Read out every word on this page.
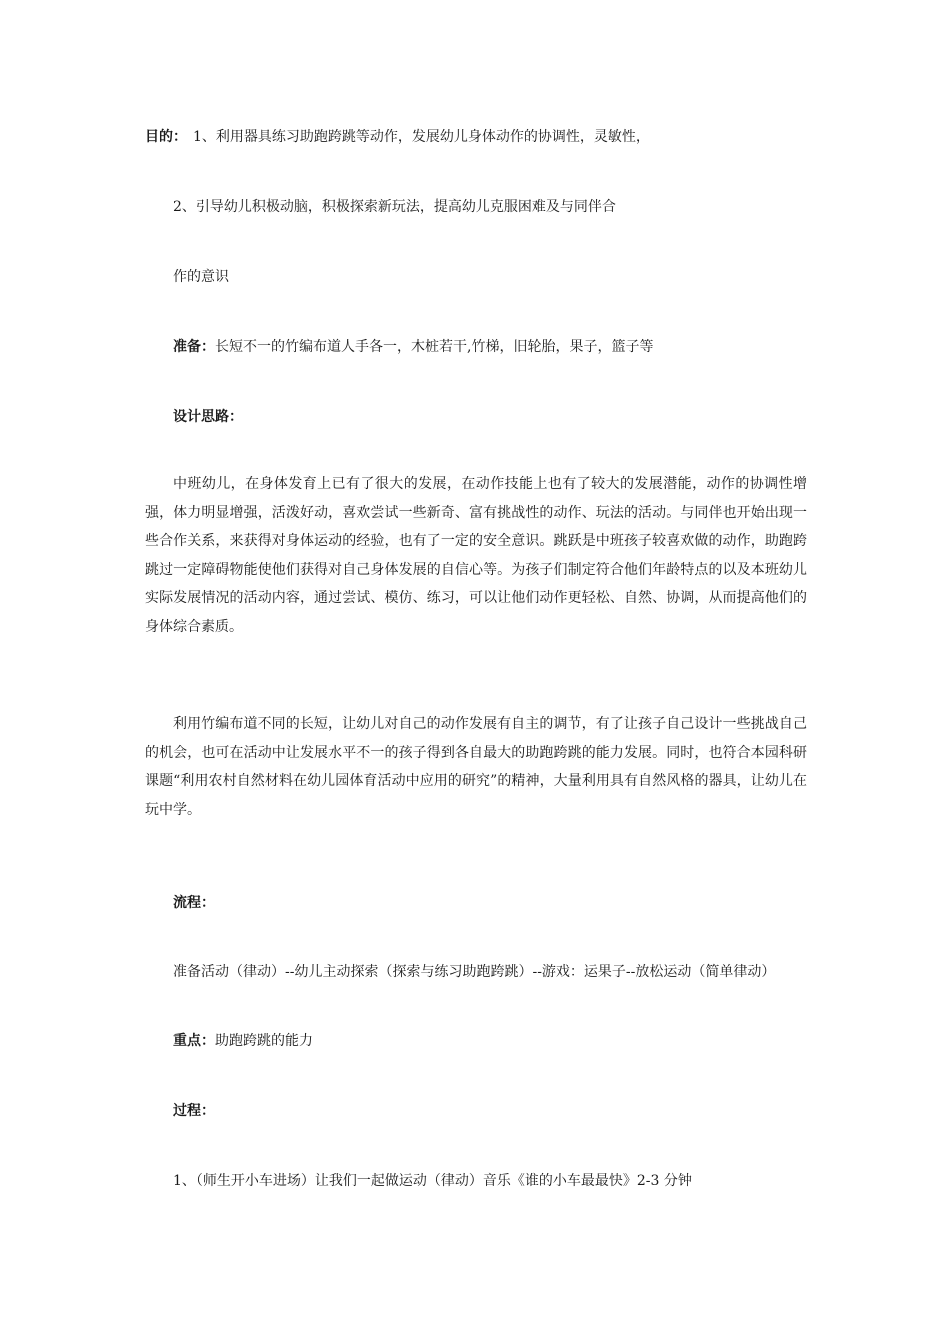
目的： 1、利用器具练习助跑跨跳等动作，发展幼儿身体动作的协调性，灵敏性，
2、引导幼儿积极动脑，积极探索新玩法，提高幼儿克服困难及与同伴合
作的意识
准备：长短不一的竹编布道人手各一，木桩若干,竹梯，旧轮胎，果子，篮子等
设计思路：
中班幼儿，在身体发育上已有了很大的发展，在动作技能上也有了较大的发展潜能，动作的协调性增强，体力明显增强，活泼好动，喜欢尝试一些新奇、富有挑战性的动作、玩法的活动。与同伴也开始出现一些合作关系，来获得对身体运动的经验，也有了一定的安全意识。跳跃是中班孩子较喜欢做的动作，助跑跨跳过一定障碍物能使他们获得对自己身体发展的自信心等。为孩子们制定符合他们年龄特点的以及本班幼儿实际发展情况的活动内容，通过尝试、模仿、练习，可以让他们动作更轻松、自然、协调，从而提高他们的身体综合素质。
利用竹编布道不同的长短，让幼儿对自己的动作发展有自主的调节，有了让孩子自己设计一些挑战自己的机会，也可在活动中让发展水平不一的孩子得到各自最大的助跑跨跳的能力发展。同时，也符合本园科研课题“利用农村自然材料在幼儿园体育活动中应用的研究”的精神，大量利用具有自然风格的器具，让幼儿在玩中学。
流程：
准备活动（律动）--幼儿主动探索（探索与练习助跑跨跳）--游戏：运果子--放松运动（简单律动）
重点：助跑跨跳的能力
过程：
1、（师生开小车进场）让我们一起做运动（律动）音乐《谁的小车最最快》2-3 分钟
